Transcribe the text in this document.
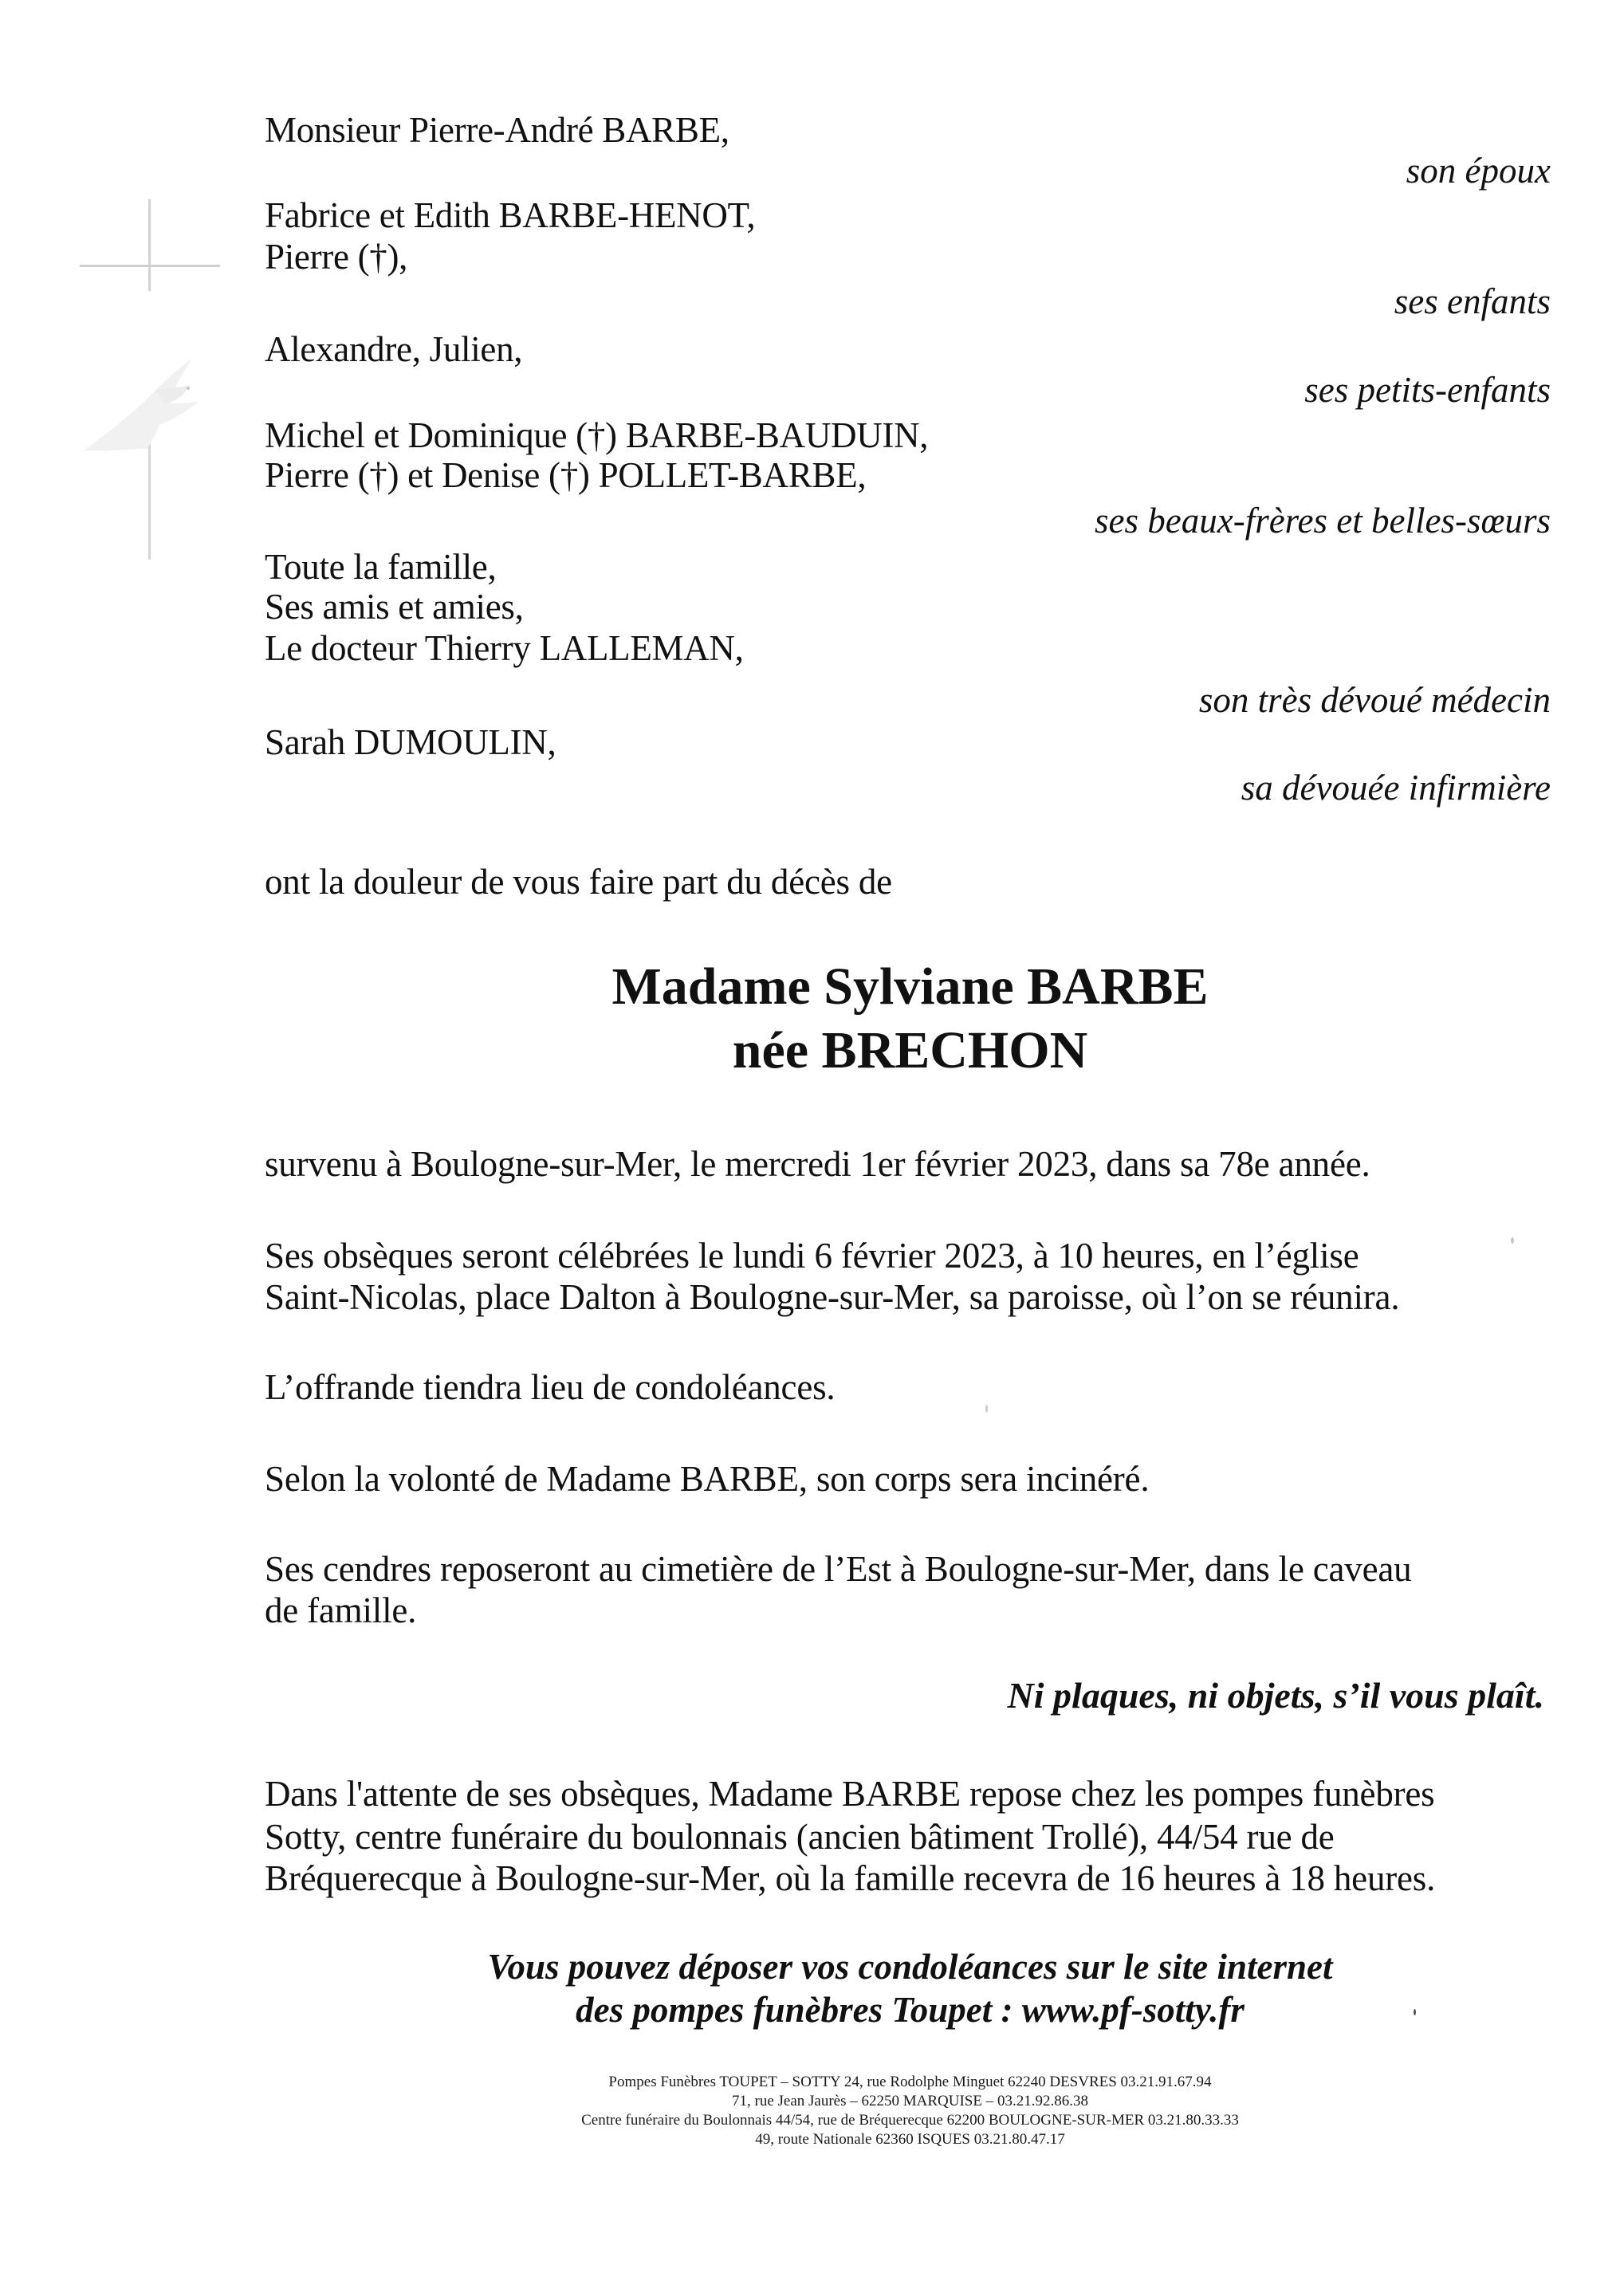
Monsieur Pierre-André BARBE,
Fabrice et Edith BARBE-HENOT,
Pierre (†),
Alexandre, Julien,
Michel et Dominique (†) BARBE-BAUDUIN,
Pierre (†) et Denise (†) POLLET-BARBE,
Toute la famille,
Ses amis et amies,
Le docteur Thierry LALLEMAN,
Sarah DUMOULIN,
son époux
ses enfants
ses petits-enfants
ses beaux-frères et belles-sœurs
son très dévoué médecin
sa dévouée infirmière
ont la douleur de vous faire part du décès de
Madame Sylviane BARBE
née BRECHON
survenu à Boulogne-sur-Mer, le mercredi 1er février 2023, dans sa 78e année.
Ses obsèques seront célébrées le lundi 6 février 2023, à 10 heures, en l’église
Saint-Nicolas, place Dalton à Boulogne-sur-Mer, sa paroisse, où l’on se réunira.
L’offrande tiendra lieu de condoléances.
Selon la volonté de Madame BARBE, son corps sera incinéré.
Ses cendres reposeront au cimetière de l’Est à Boulogne-sur-Mer, dans le caveau
de famille.
Ni plaques, ni objets, s’il vous plaît.
Dans l'attente de ses obsèques, Madame BARBE repose chez les pompes funèbres
Sotty, centre funéraire du boulonnais (ancien bâtiment Trollé), 44/54 rue de
Bréquerecque à Boulogne-sur-Mer, où la famille recevra de 16 heures à 18 heures.
Vous pouvez déposer vos condoléances sur le site internet
des pompes funèbres Toupet : www.pf-sotty.fr
Pompes Funèbres TOUPET – SOTTY 24, rue Rodolphe Minguet 62240 DESVRES 03.21.91.67.94
71, rue Jean Jaurès – 62250 MARQUISE – 03.21.92.86.38
Centre funéraire du Boulonnais 44/54, rue de Bréquerecque 62200 BOULOGNE-SUR-MER 03.21.80.33.33
49, route Nationale 62360 ISQUES 03.21.80.47.17
